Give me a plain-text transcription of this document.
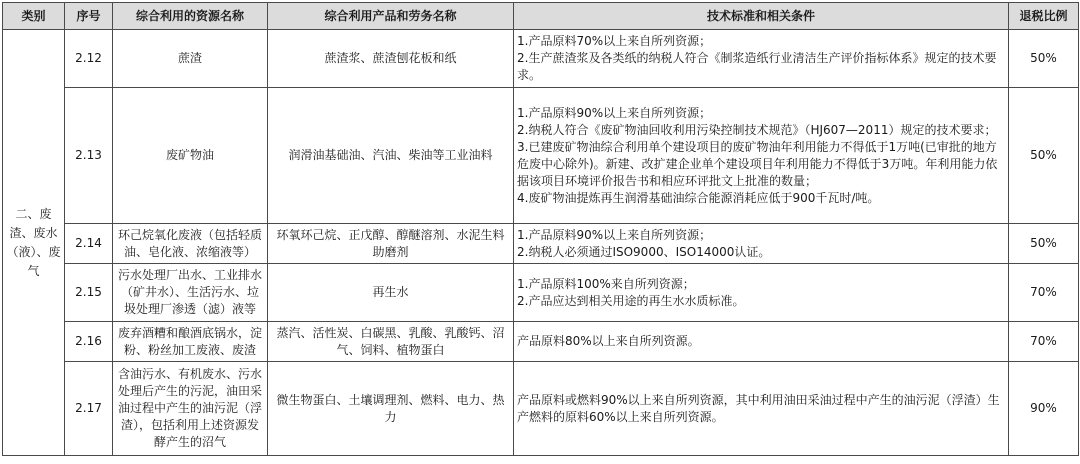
类别	序号	综合利用的资源名称	综合利用产品和劳务名称	技术标准和相关条件	退税比例
二、废渣、废水（液）、废气	2.12	蔗渣	蔗渣浆、蔗渣刨花板和纸	1.产品原料70%以上来自所列资源；
2.生产蔗渣浆及各类纸的纳税人符合《制浆造纸行业清洁生产评价指标体系》规定的技术要求。	50%
	2.13	废矿物油	润滑油基础油、汽油、柴油等工业油料	1.产品原料90%以上来自所列资源；
2.纳税人符合《废矿物油回收利用污染控制技术规范》（HJ607—2011）规定的技术要求；
3.已建废矿物油综合利用单个建设项目的废矿物油年利用能力不得低于1万吨(已审批的地方危废中心除外)。新建、改扩建企业单个建设项目年利用能力不得低于3万吨。年利用能力依据该项目环境评价报告书和相应环评批文上批准的数量；
4.废矿物油提炼再生润滑基础油综合能源消耗应低于900千瓦时/吨。	50%
	2.14	环己烷氧化废液（包括轻质油、皂化液、浓缩液等）	环氧环己烷、正戊醇、醇醚溶剂、水泥生料助磨剂	1.产品原料90%以上来自所列资源；
2.纳税人必须通过ISO9000、ISO14000认证。	50%
	2.15	污水处理厂出水、工业排水（矿井水）、生活污水、垃圾处理厂渗透（滤）液等	再生水	1.产品原料100%来自所列资源；
2.产品应达到相关用途的再生水水质标准。	70%
	2.16	废弃酒糟和酿酒底锅水，淀粉、粉丝加工废液、废渣	蒸汽、活性炭、白碳黑、乳酸、乳酸钙、沼气、饲料、植物蛋白	产品原料80%以上来自所列资源。	70%
	2.17	含油污水、有机废水、污水处理后产生的污泥，油田采油过程中产生的油污泥（浮渣），包括利用上述资源发酵产生的沼气	微生物蛋白、土壤调理剂、燃料、电力、热力	产品原料或燃料90%以上来自所列资源，其中利用油田采油过程中产生的油污泥（浮渣）生产燃料的原料60%以上来自所列资源。	90%
